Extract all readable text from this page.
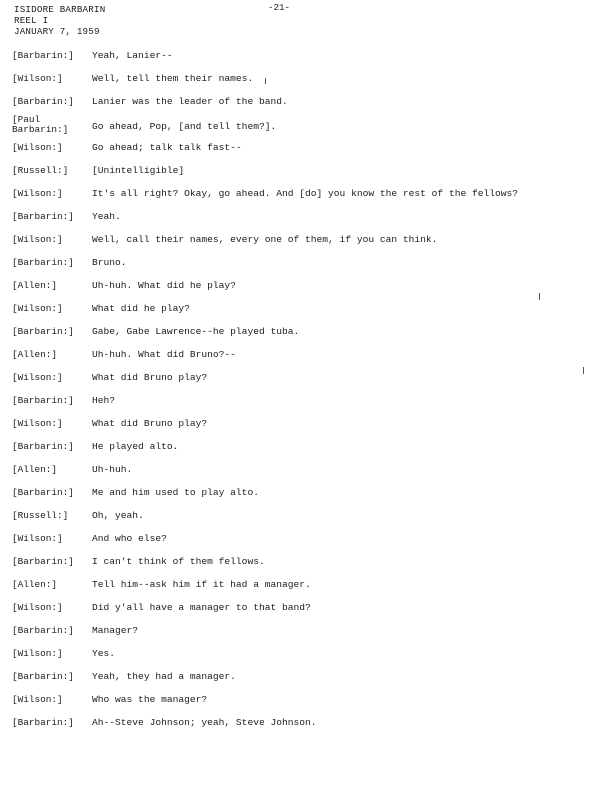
ISIDORE BARBARIN
REEL I
JANUARY 7, 1959
-21-
[Barbarin:]	Yeah, Lanier--
[Wilson:]	Well, tell them their names.
[Barbarin:]	Lanier was the leader of the band.
[Paul
Barbarin:]	Go ahead, Pop, [and tell them?].
[Wilson:]	Go ahead; talk talk fast--
[Russell:]	[Unintelligible]
[Wilson:]	It's all right? Okay, go ahead. And [do] you know the rest of the fellows?
[Barbarin:]	Yeah.
[Wilson:]	Well, call their names, every one of them, if you can think.
[Barbarin:]	Bruno.
[Allen:]	Uh-huh. What did he play?
[Wilson:]	What did he play?
[Barbarin:]	Gabe, Gabe Lawrence--he played tuba.
[Allen:]	Uh-huh. What did Bruno?--
[Wilson:]	What did Bruno play?
[Barbarin:]	Heh?
[Wilson:]	What did Bruno play?
[Barbarin:]	He played alto.
[Allen:]	Uh-huh.
[Barbarin:]	Me and him used to play alto.
[Russell:]	Oh, yeah.
[Wilson:]	And who else?
[Barbarin:]	I can't think of them fellows.
[Allen:]	Tell him--ask him if it had a manager.
[Wilson:]	Did y'all have a manager to that band?
[Barbarin:]	Manager?
[Wilson:]	Yes.
[Barbarin:]	Yeah, they had a manager.
[Wilson:]	Who was the manager?
[Barbarin:]	Ah--Steve Johnson; yeah, Steve Johnson.
